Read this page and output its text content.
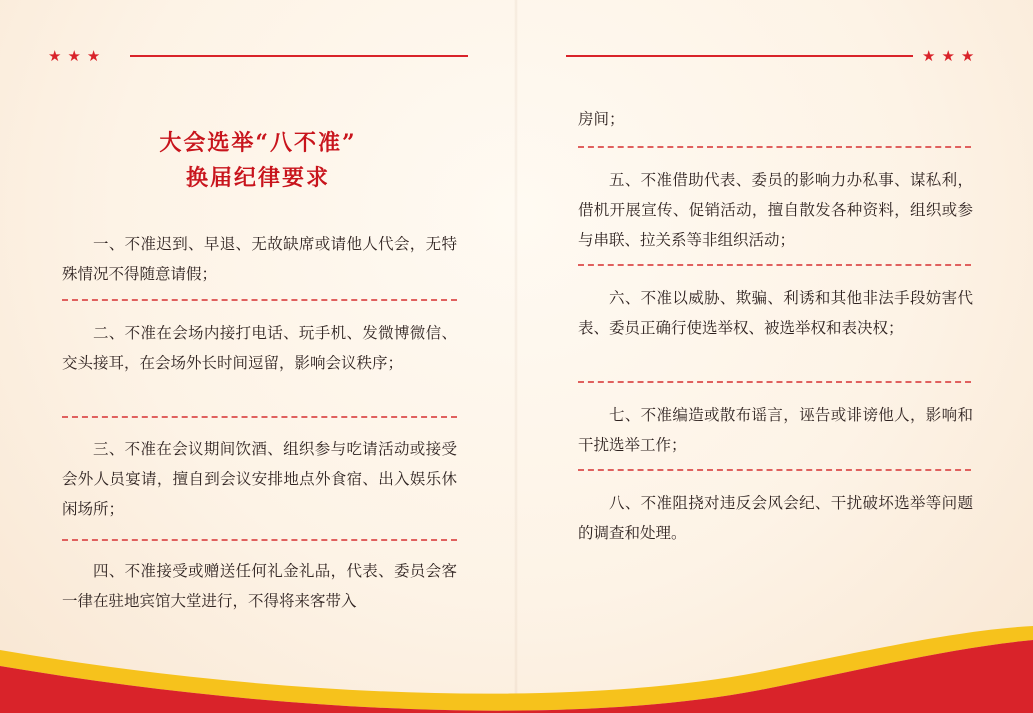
★★★
大会选举“八不准”
换届纪律要求

一、不准迟到、早退、无故缺席或请他人代会，无特殊情况不得随意请假；

二、不准在会场内接打电话、玩手机、发微博微信、交头接耳，在会场外长时间逗留，影响会议秩序；

三、不准在会议期间饮酒、组织参与吃请活动或接受会外人员宴请，擅自到会议安排地点外食宿、出入娱乐休闲场所；

四、不准接受或赠送任何礼金礼品，代表、委员会客一律在驻地宾馆大堂进行，不得将来客带入

★★★

房间；

五、不准借助代表、委员的影响力办私事、谋私利，借机开展宣传、促销活动，擅自散发各种资料，组织或参与串联、拉关系等非组织活动；

六、不准以威胁、欺骗、利诱和其他非法手段妨害代表、委员正确行使选举权、被选举权和表决权；

七、不准编造或散布谣言，诬告或诽谤他人，影响和干扰选举工作；

八、不准阻挠对违反会风会纪、干扰破坏选举等问题的调查和处理。
